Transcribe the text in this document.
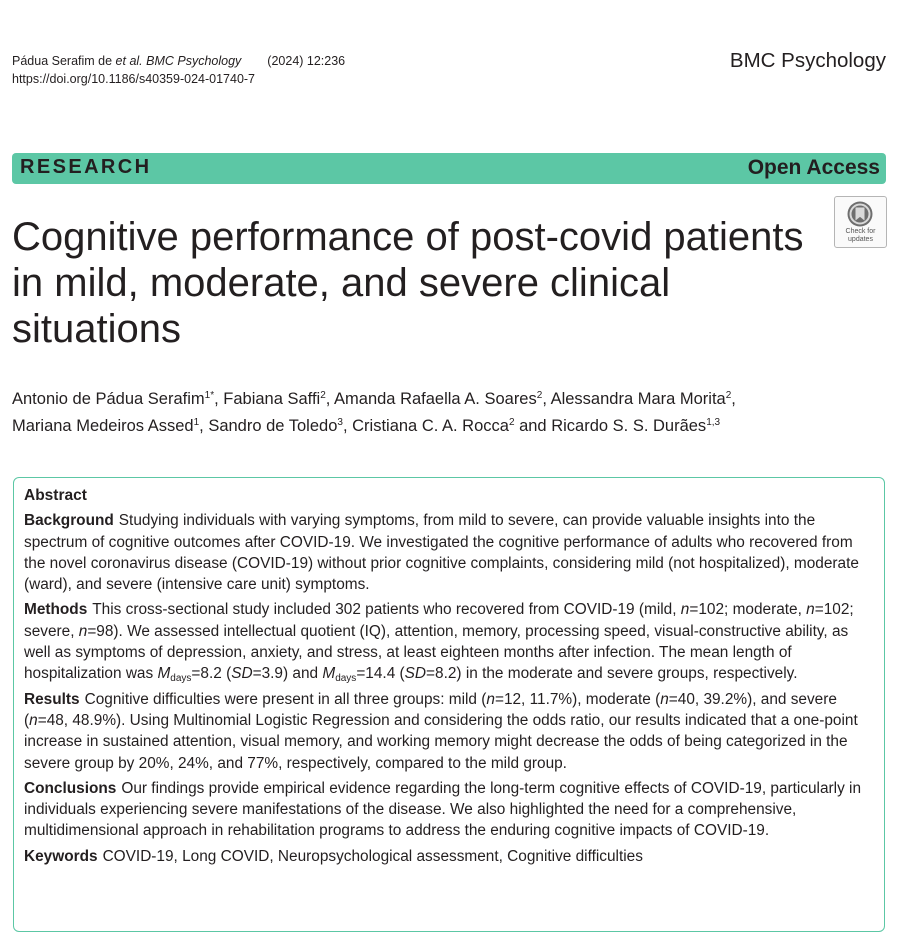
Pádua Serafim de et al. BMC Psychology (2024) 12:236
https://doi.org/10.1186/s40359-024-01740-7
BMC Psychology
RESEARCH	Open Access
Cognitive performance of post-covid patients in mild, moderate, and severe clinical situations
Check for
updates

Antonio de Pádua Serafim$^{1*}$, Fabiana Saffi$^2$, Amanda Rafaella A. Soares$^2$, Alessandra Mara Morita$^2$,
Mariana Medeiros Assed$^1$, Sandro de Toledo$^3$, Cristiana C. A. Rocca$^2$ and Ricardo S. S. Durães$^{1,3}$

Abstract

Background Studying individuals with varying symptoms, from mild to severe, can provide valuable insights into the spectrum of cognitive outcomes after COVID-19. We investigated the cognitive performance of adults who recovered from the novel coronavirus disease (COVID-19) without prior cognitive complaints, considering mild (not hospitalized), moderate (ward), and severe (intensive care unit) symptoms.

Methods This cross-sectional study included 302 patients who recovered from COVID-19 (mild, n=102; moderate, n=102; severe, n=98). We assessed intellectual quotient (IQ), attention, memory, processing speed, visual-constructive ability, as well as symptoms of depression, anxiety, and stress, at least eighteen months after infection. The mean length of hospitalization was $M_{days}=8.2$ (SD=3.9) and $M_{days}=14.4$ (SD=8.2) in the moderate and severe groups, respectively.

Results Cognitive difficulties were present in all three groups: mild (n=12, 11.7%), moderate (n=40, 39.2%), and severe (n=48, 48.9%). Using Multinomial Logistic Regression and considering the odds ratio, our results indicated that a one-point increase in sustained attention, visual memory, and working memory might decrease the odds of being categorized in the severe group by 20%, 24%, and 77%, respectively, compared to the mild group.

Conclusions Our findings provide empirical evidence regarding the long-term cognitive effects of COVID-19, particularly in individuals experiencing severe manifestations of the disease. We also highlighted the need for a comprehensive, multidimensional approach in rehabilitation programs to address the enduring cognitive impacts of COVID-19.

Keywords COVID-19, Long COVID, Neuropsychological assessment, Cognitive difficulties
